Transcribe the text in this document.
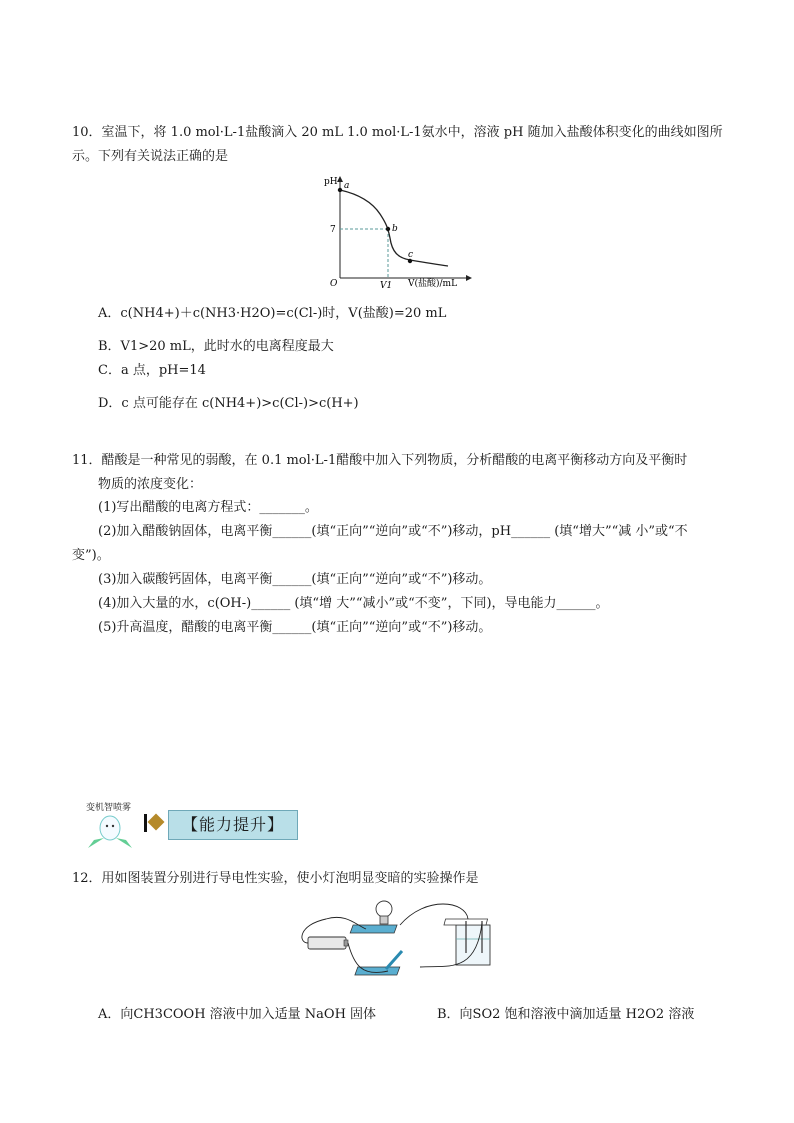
10．室温下，将 1.0 mol·L-1盐酸滴入 20 mL 1.0 mol·L-1氨水中，溶液 pH 随加入盐酸体积变化的曲线如图所
示。下列有关说法正确的是
pH a
b
c
7
O	V1 V(盐酸)/mL
A．c(NH4+)＋c(NH3·H2O)=c(Cl-)时，V(盐酸)=20 mL
B．V1>20 mL，此时水的电离程度最大
C．a 点，pH=14
D．c 点可能存在 c(NH4+)>c(Cl-)>c(H+)
11．醋酸是一种常见的弱酸，在 0.1 mol·L-1醋酸中加入下列物质，分析醋酸的电离平衡移动方向及平衡时
物质的浓度变化：
(1)写出醋酸的电离方程式：_______。
(2)加入醋酸钠固体，电离平衡______(填“正向”“逆向”或“不”)移动，pH______ (填“增大”“减 小”或“不
变”)。
(3)加入碳酸钙固体，电离平衡______(填“正向”“逆向”或“不”)移动。
(4)加入大量的水，c(OH-)______ (填“增 大”“减小”或“不变”，下同)，导电能力______。
(5)升高温度，醋酸的电离平衡______(填“正向”“逆向”或“不”)移动。
变机智喷雾
【能力提升】
12．用如图装置分别进行导电性实验，使小灯泡明显变暗的实验操作是
A．向CH3COOH 溶液中加入适量 NaOH 固体	B．向SO2 饱和溶液中滴加适量 H2O2 溶液
